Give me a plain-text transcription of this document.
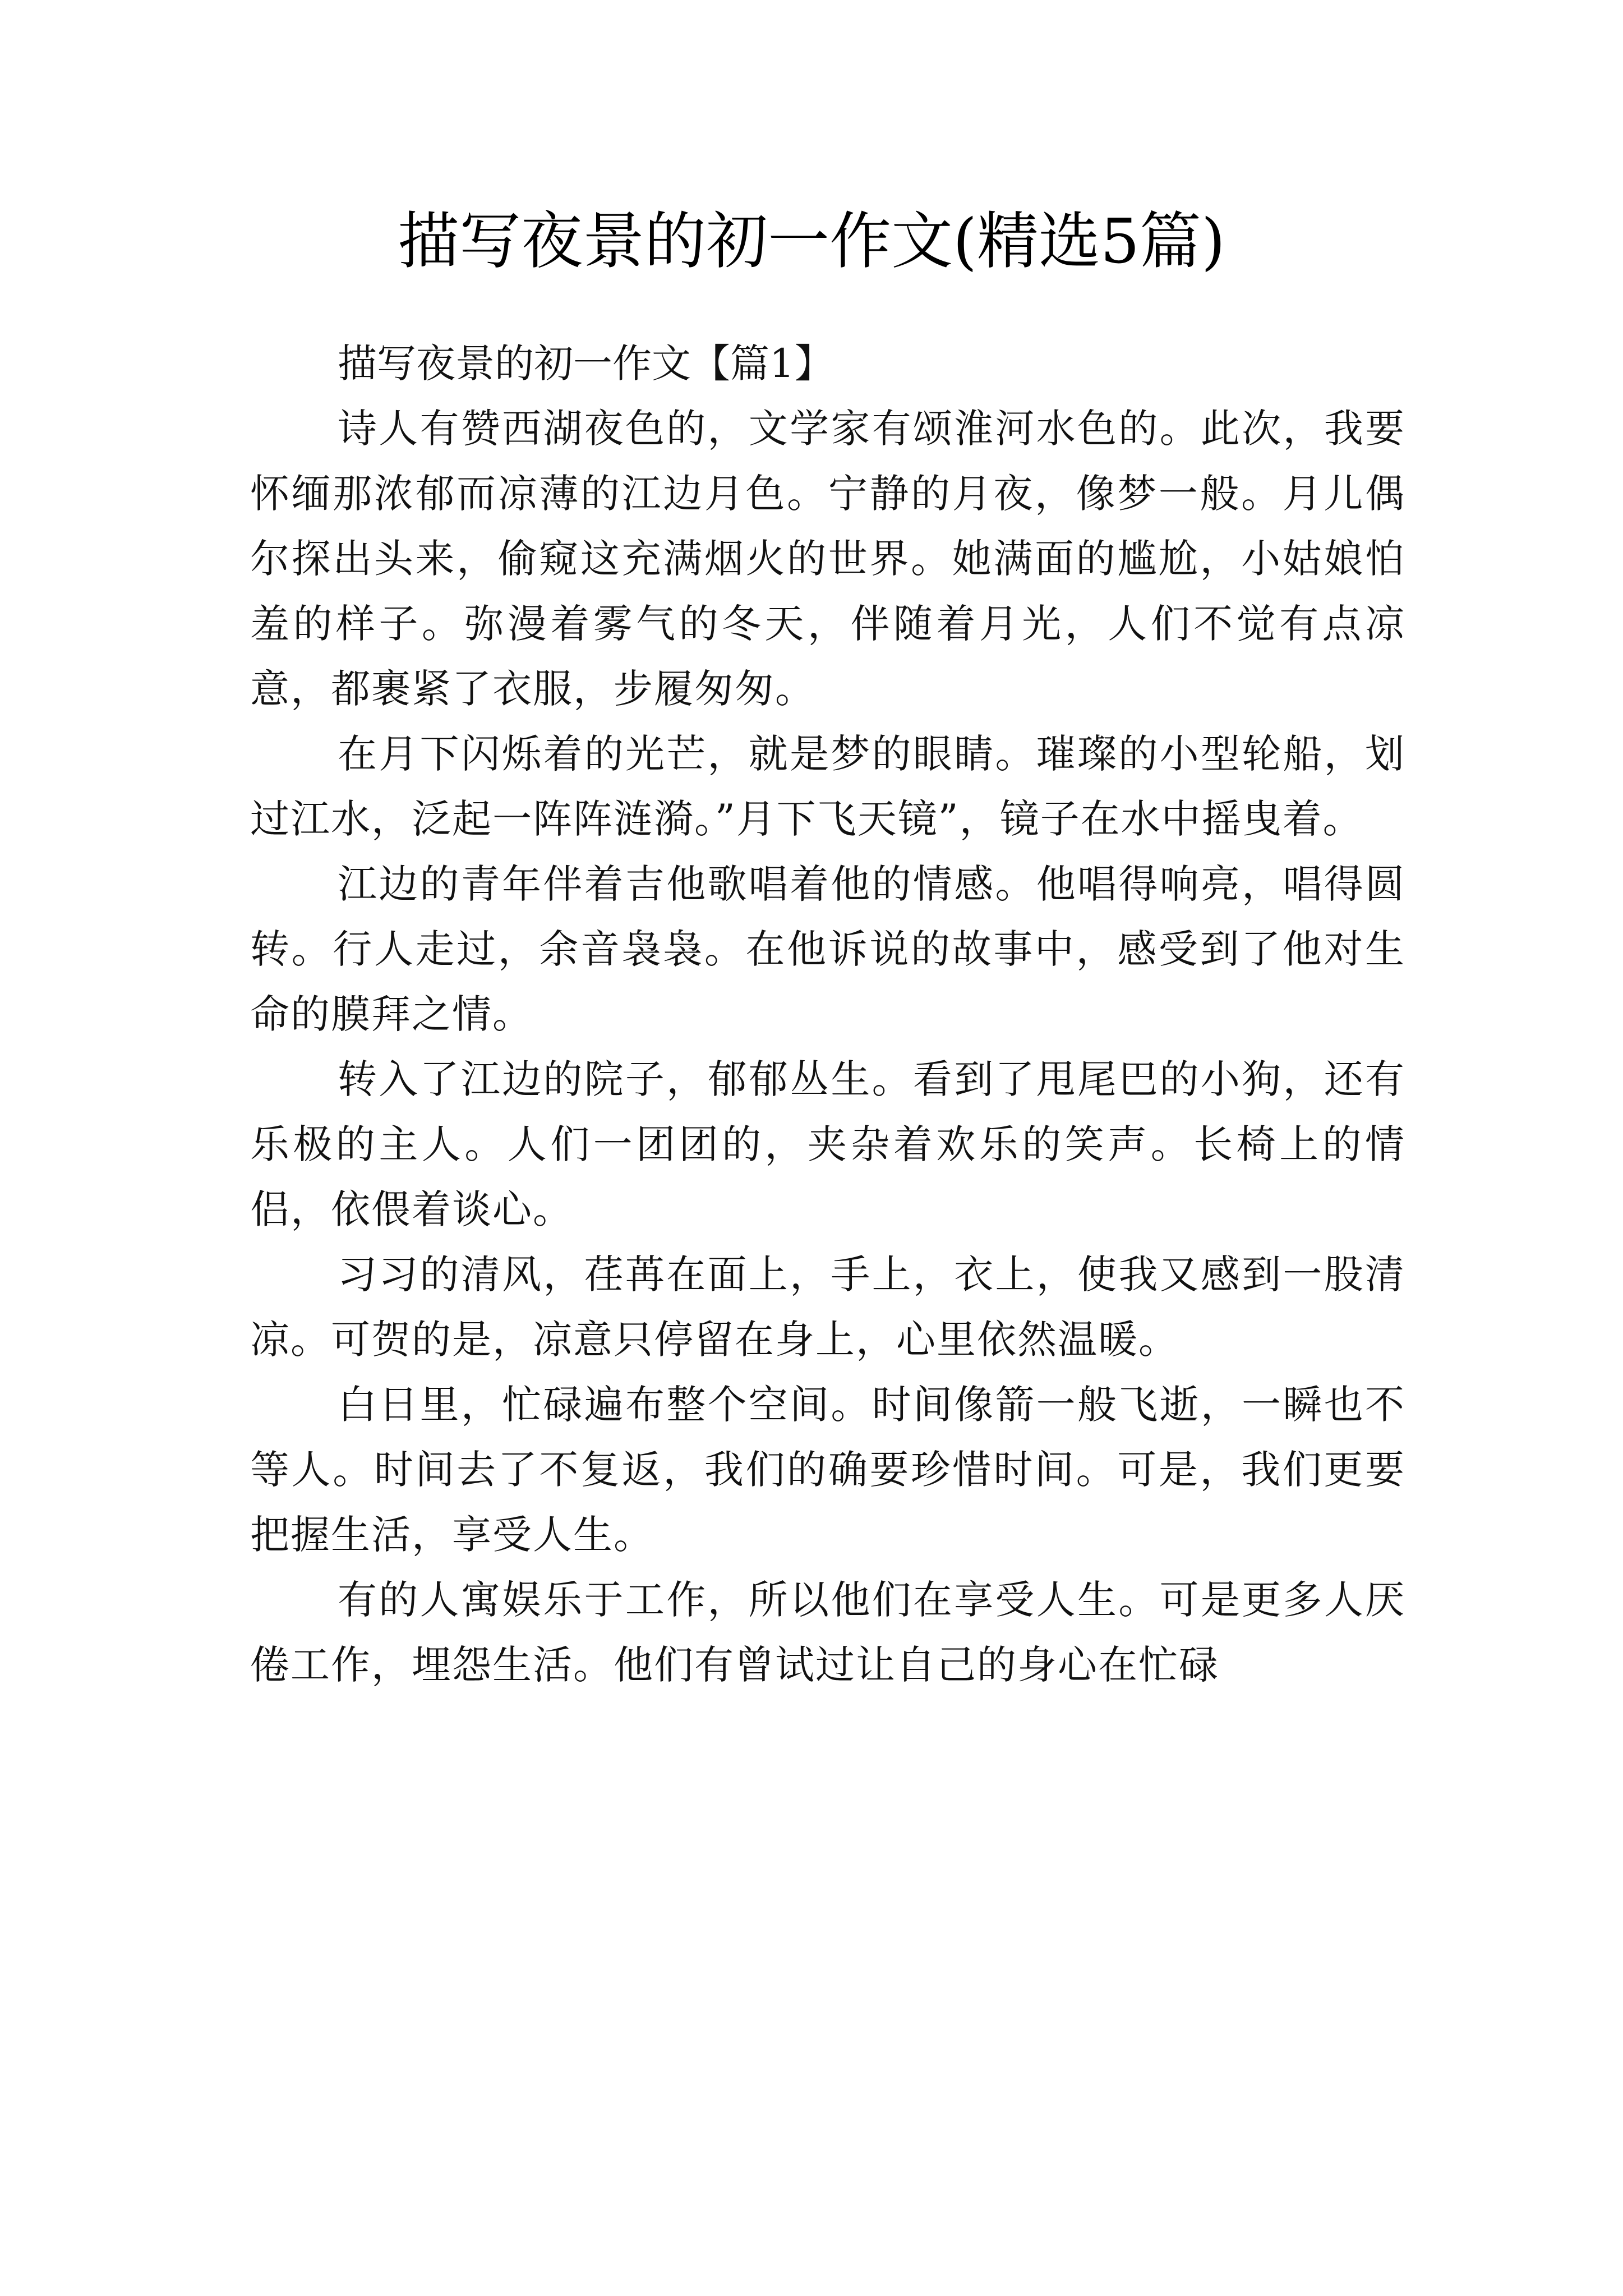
描写夜景的初一作文(精选5篇)
描写夜景的初一作文【篇1】

诗人有赞西湖夜色的，文学家有颂淮河水色的。此次，我要怀缅那浓郁而凉薄的江边月色。宁静的月夜，像梦一般。月儿偶尔探出头来，偷窥这充满烟火的世界。她满面的尴尬，小姑娘怕羞的样子。弥漫着雾气的冬天，伴随着月光，人们不觉有点凉意，都裹紧了衣服，步履匆匆。

在月下闪烁着的光芒，就是梦的眼睛。璀璨的小型轮船，划过江水，泛起一阵阵涟漪。”月下飞天镜”，镜子在水中摇曳着。

江边的青年伴着吉他歌唱着他的情感。他唱得响亮，唱得圆转。行人走过，余音袅袅。在他诉说的故事中，感受到了他对生命的膜拜之情。

转入了江边的院子，郁郁丛生。看到了甩尾巴的小狗，还有乐极的主人。人们一团团的，夹杂着欢乐的笑声。长椅上的情侣，依偎着谈心。

习习的清风，荏苒在面上，手上，衣上，使我又感到一股清凉。可贺的是，凉意只停留在身上，心里依然温暖。

白日里，忙碌遍布整个空间。时间像箭一般飞逝，一瞬也不等人。时间去了不复返，我们的确要珍惜时间。可是，我们更要把握生活，享受人生。

有的人寓娱乐于工作，所以他们在享受人生。可是更多人厌倦工作，埋怨生活。他们有曾试过让自己的身心在忙碌
